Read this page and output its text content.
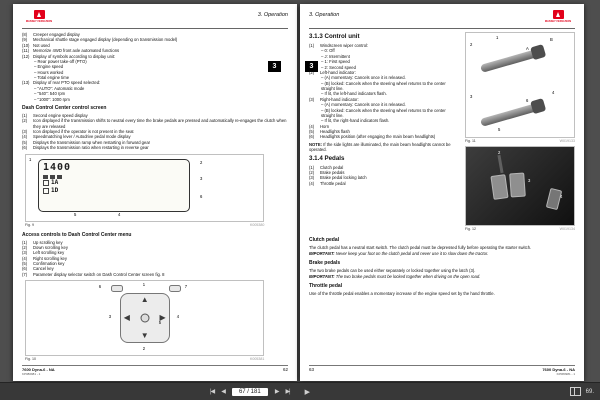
3
MASSEY FERGUSON
3. Operation
(8)	Creeper engaged display
(9)	Mechanical shuttle stage engaged display (depending on transmission model)
(10) Not used
(11) Memorize 4WD front axle automated functions
(12) Display of symbols according to display unit:
– Rear power take-off (PTO)
– Engine speed
– Hours worked
– Total engine time
(13) Display of rear PTO speed selected:
– "AUTO": Automatic mode
– "540": 540 rpm
– "1000": 1000 rpm
Dash Control Center control screen
(1)	Second engine speed display
(2)	Icon displayed if the transmission shifts to neutral every time the brake pedals are pressed and automatically re-engages the clutch when they are released
(3)	Icon displayed if the operator is not present in the seat
(4)	Speedmatching lever / Autodrive pedal mode display
(5)	Displays the transmission ramp when restarting in forward gear
(6)	Displays the transmission ratio when restarting in reverse gear
1400
1A
1D
1
2
3
4
5
6
Fig. 9	K005380
Access controls to Dash Control Center menu
(1)	Up scrolling key
(2)	Down scrolling key
(3)	Left scrolling key
(4)	Right scrolling key
(5)	Confirmation key
(6)	Cancel key
(7)	Parameter display selector switch on Dash Control Center screen fig. 8
▲
▼
◀	▶
1
2
3	4
5
6	7
Fig. 10	K005381
7600 Dyna-6 - NA
KP080981 - 1
62
3
3. Operation
MASSEY FERGUSON
3.1.3 Control unit
(1)	Windscreen wiper control:
– 0: Off
– J: Intermittent
– 1: First speed
– 2: Second speed
(2)	Left-hand indicator:
– (A) momentary: Cancels once it is released.
– (B) locked: Cancels when the steering wheel returns to the center straight line.
– If lit, the left-hand indicators flash.
(3)	Right-hand indicator:
– (A) momentary: Cancels once it is released.
– (B) locked: Cancels when the steering wheel returns to the center straight line.
– If lit, the right-hand indicators flash.
(4)	Horn
(5)	Headlights flash
(6)	Headlights position (after engaging the main beam headlights)
NOTE: If the side lights are illuminated, the main beam headlights cannot be operated.
3.1.4 Pedals
(1)	Clutch pedal
(2)	Brake pedals
(3)	Brake pedal locking latch
(4)	Throttle pedal
1
2
A
B
3
4
5
6
Fig. 11	W019133
2
3
4
Fig. 12	W019134
Clutch pedal
The clutch pedal has a neutral start switch. The clutch pedal must be depressed fully before operating the starter switch.
IMPORTANT: Never keep your foot on the clutch pedal and never use it to slow down the tractor.
Brake pedals
The two brake pedals can be used either separately or locked together using the latch (3).
IMPORTANT: The two brake pedals must be locked together when driving on the open road.
Throttle pedal
Use of the throttle pedal enables a momentary increase of the engine speed set by the hand throttle.
63	7600 Dyna-6 - NA
KP080981 - 1
|◀ ◀	67 / 181	▶ ▶| ▶	69.
